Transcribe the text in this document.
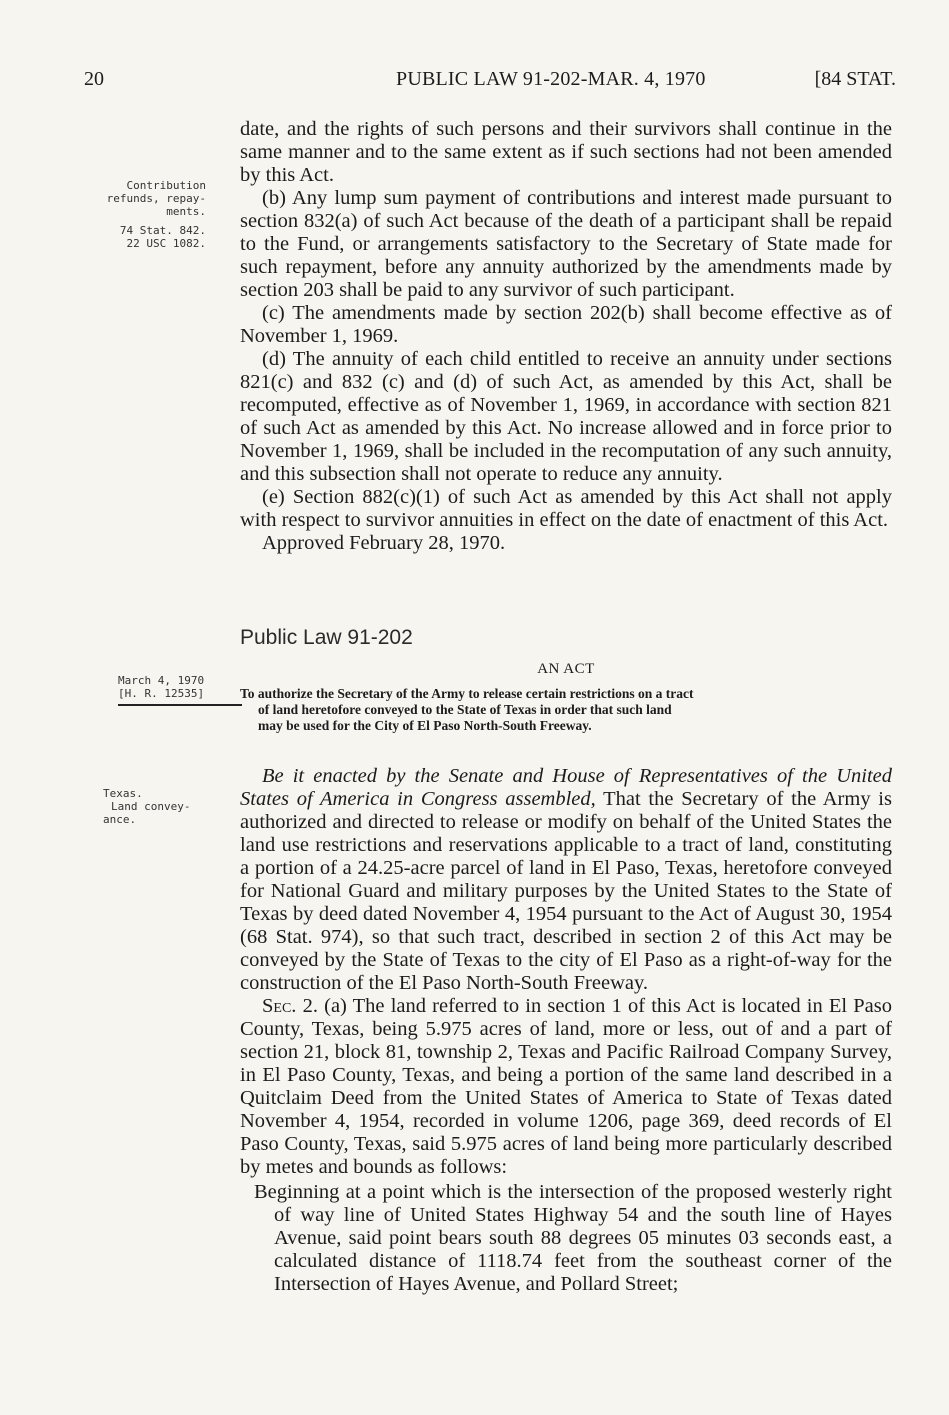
20	PUBLIC LAW 91-202-MAR. 4, 1970	[84 STAT.
Contribution
refunds, repay-
ments.
74 Stat. 842.
22 USC 1082.

date, and the rights of such persons and their survivors shall continue in the same manner and to the same extent as if such sections had not been amended by this Act.

(b) Any lump sum payment of contributions and interest made pursuant to section 832(a) of such Act because of the death of a participant shall be repaid to the Fund, or arrangements satisfactory to the Secretary of State made for such repayment, before any annuity authorized by the amendments made by section 203 shall be paid to any survivor of such participant.

(c) The amendments made by section 202(b) shall become effective as of November 1, 1969.

(d) The annuity of each child entitled to receive an annuity under sections 821(c) and 832 (c) and (d) of such Act, as amended by this Act, shall be recomputed, effective as of November 1, 1969, in accordance with section 821 of such Act as amended by this Act. No increase allowed and in force prior to November 1, 1969, shall be included in the recomputation of any such annuity, and this subsection shall not operate to reduce any annuity.

(e) Section 882(c)(1) of such Act as amended by this Act shall not apply with respect to survivor annuities in effect on the date of enactment of this Act.

Approved February 28, 1970.

Public Law 91-202
March 4, 1970
[H. R. 12535]
AN ACT
To authorize the Secretary of the Army to release certain restrictions on a tract
of land heretofore conveyed to the State of Texas in order that such land
may be used for the City of El Paso North-South Freeway.
Texas.
Land convey-
ance.

Be it enacted by the Senate and House of Representatives of the United States of America in Congress assembled, That the Secretary of the Army is authorized and directed to release or modify on behalf of the United States the land use restrictions and reservations applicable to a tract of land, constituting a portion of a 24.25-acre parcel of land in El Paso, Texas, heretofore conveyed for National Guard and military purposes by the United States to the State of Texas by deed dated November 4, 1954 pursuant to the Act of August 30, 1954 (68 Stat. 974), so that such tract, described in section 2 of this Act may be conveyed by the State of Texas to the city of El Paso as a right-of-way for the construction of the El Paso North-South Freeway.

Sec. 2. (a) The land referred to in section 1 of this Act is located in El Paso County, Texas, being 5.975 acres of land, more or less, out of and a part of section 21, block 81, township 2, Texas and Pacific Railroad Company Survey, in El Paso County, Texas, and being a portion of the same land described in a Quitclaim Deed from the United States of America to State of Texas dated November 4, 1954, recorded in volume 1206, page 369, deed records of El Paso County, Texas, said 5.975 acres of land being more particularly described by metes and bounds as follows:

Beginning at a point which is the intersection of the proposed westerly right of way line of United States Highway 54 and the south line of Hayes Avenue, said point bears south 88 degrees 05 minutes 03 seconds east, a calculated distance of 1118.74 feet from the southeast corner of the Intersection of Hayes Avenue, and Pollard Street;
